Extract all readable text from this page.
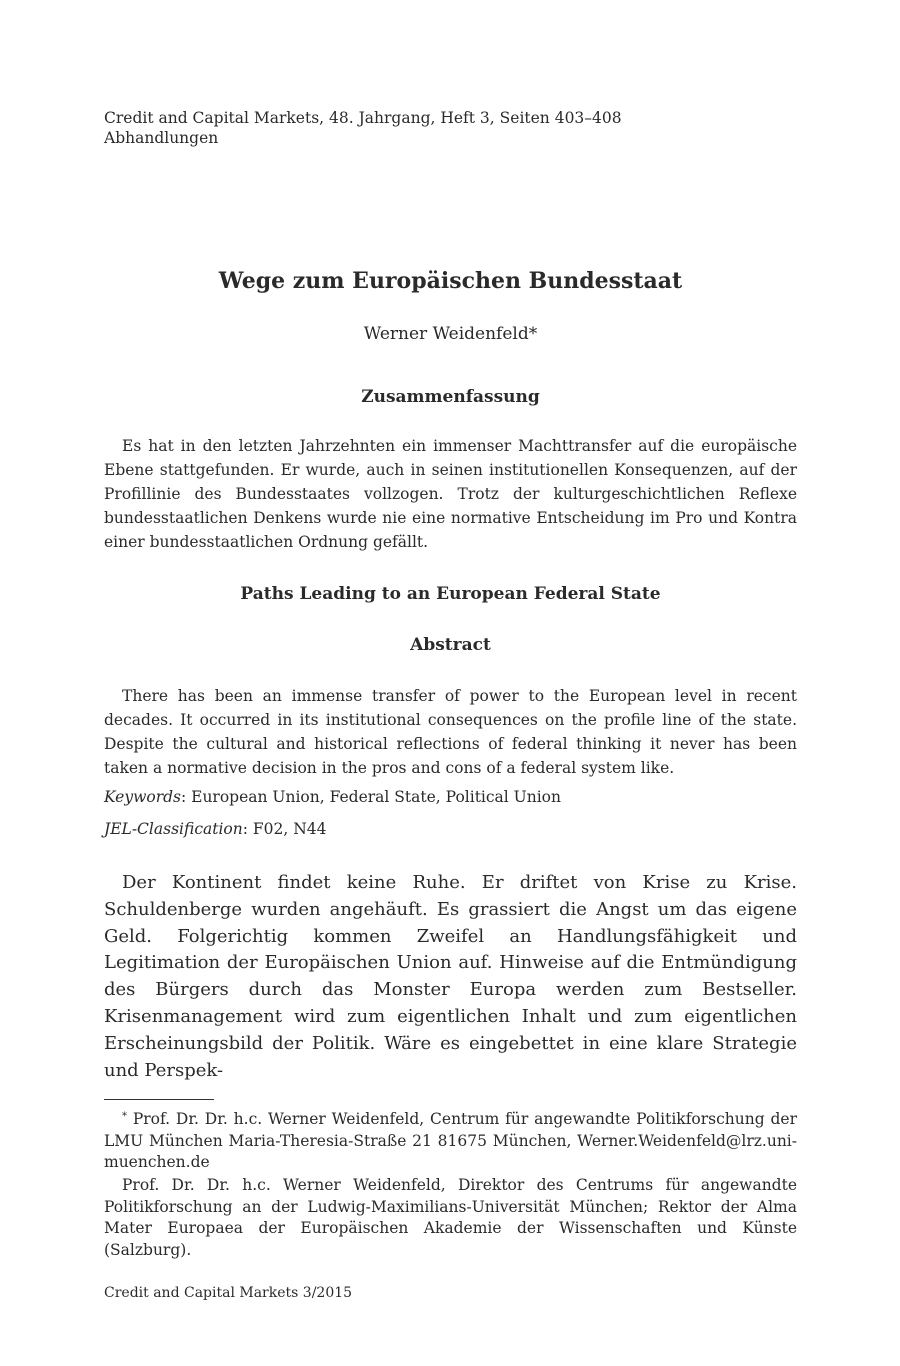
Credit and Capital Markets, 48. Jahrgang, Heft 3, Seiten 403–408
Abhandlungen
Wege zum Europäischen Bundesstaat
Werner Weidenfeld*
Zusammenfassung

Es hat in den letzten Jahrzehnten ein immenser Machttransfer auf die europäische Ebene stattgefunden. Er wurde, auch in seinen institutionellen Konsequenzen, auf der Profillinie des Bundesstaates vollzogen. Trotz der kulturgeschichtlichen Reflexe bundesstaatlichen Denkens wurde nie eine normative Entscheidung im Pro und Kontra einer bundesstaatlichen Ordnung gefällt.

Paths Leading to an European Federal State
Abstract

There has been an immense transfer of power to the European level in recent decades. It occurred in its institutional consequences on the profile line of the state. Despite the cultural and historical reflections of federal thinking it never has been taken a normative decision in the pros and cons of a federal system like.

Keywords: European Union, Federal State, Political Union
JEL-Classification: F02, N44

Der Kontinent findet keine Ruhe. Er driftet von Krise zu Krise. Schuldenberge wurden angehäuft. Es grassiert die Angst um das eigene Geld. Folgerichtig kommen Zweifel an Handlungsfähigkeit und Legitimation der Europäischen Union auf. Hinweise auf die Entmündigung des Bürgers durch das Monster Europa werden zum Bestseller. Krisenmanagement wird zum eigentlichen Inhalt und zum eigentlichen Erscheinungsbild der Politik. Wäre es eingebettet in eine klare Strategie und Perspek-

* Prof. Dr. Dr. h.c. Werner Weidenfeld, Centrum für angewandte Politikforschung der LMU München Maria-Theresia-Straße 21 81675 München, Werner.Weidenfeld@lrz.uni-muenchen.de

Prof. Dr. Dr. h.c. Werner Weidenfeld, Direktor des Centrums für angewandte Politikforschung an der Ludwig-Maximilians-Universität München; Rektor der Alma Mater Europaea der Europäischen Akademie der Wissenschaften und Künste (Salzburg).

Credit and Capital Markets 3/2015
